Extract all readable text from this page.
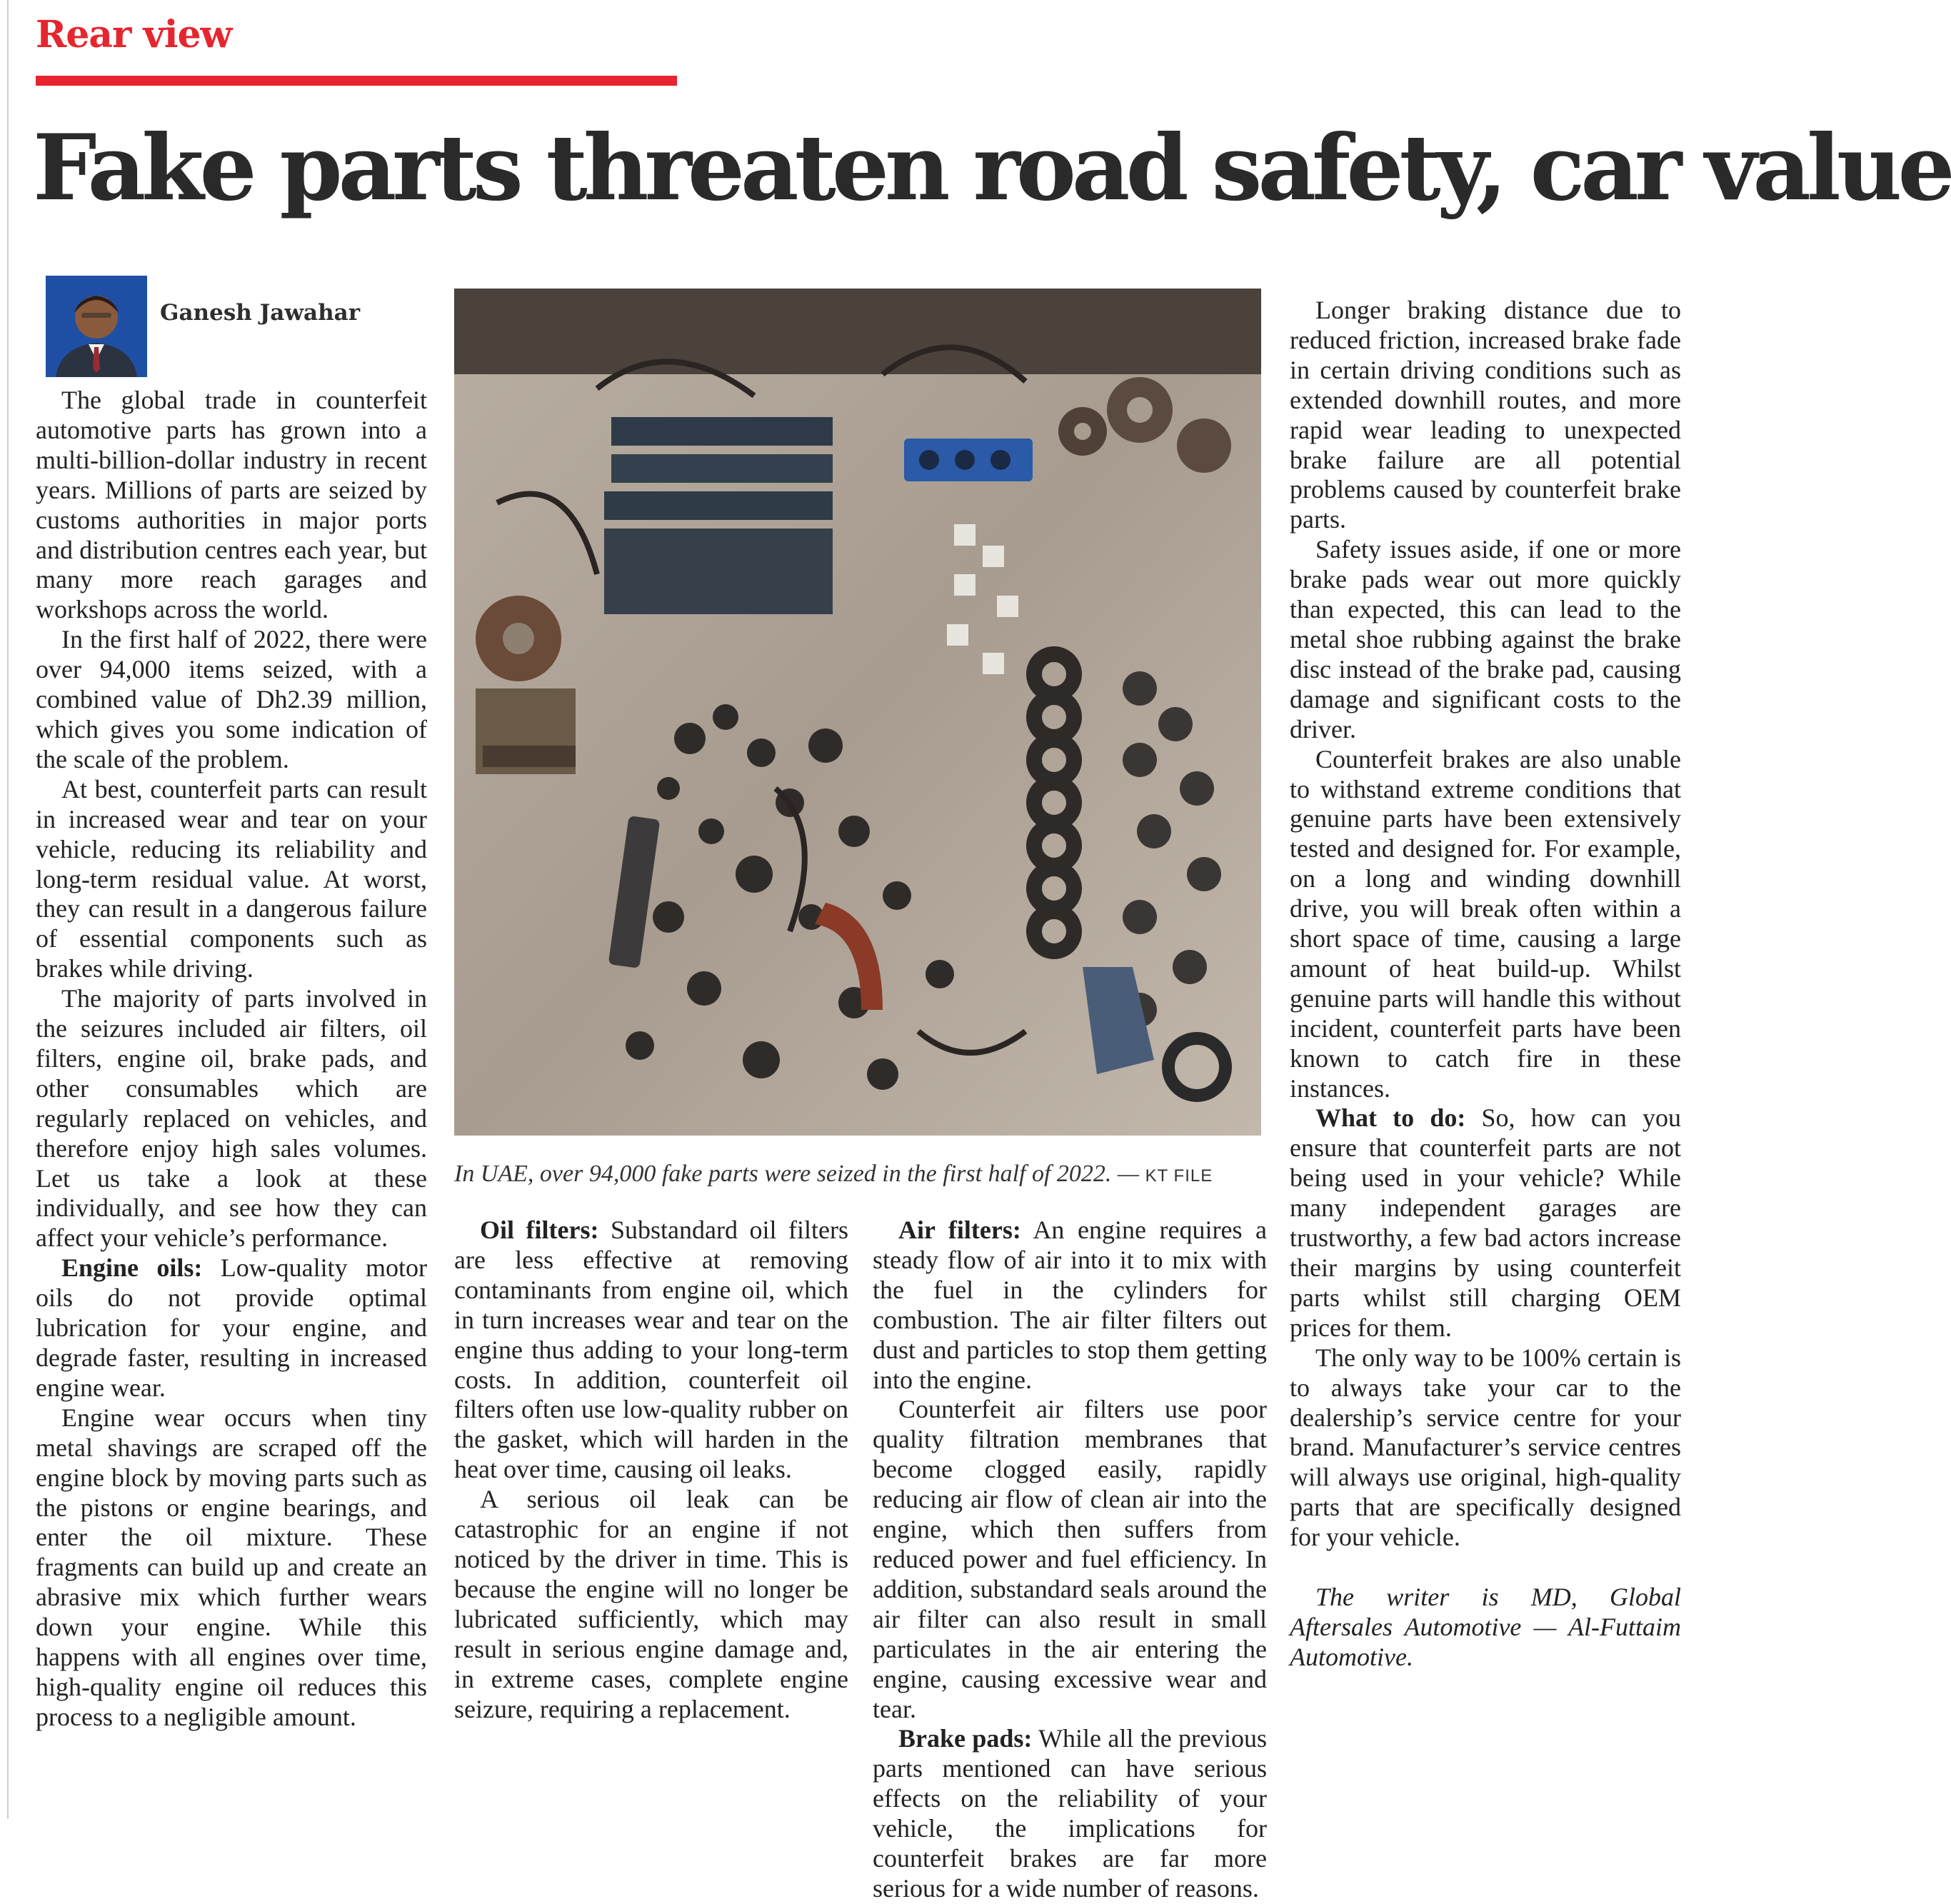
Rear view
Fake parts threaten road safety, car value
Ganesh Jawahar
In UAE, over 94,000 fake parts were seized in the first half of 2022. — KT FILE

The global trade in counterfeit automotive parts has grown into a multi-billion-dollar industry in recent years. Millions of parts are seized by customs authorities in major ports and distribution centres each year, but many more reach garages and workshops across the world.

In the first half of 2022, there were over 94,000 items seized, with a combined value of Dh2.39 million, which gives you some indication of the scale of the problem.

At best, counterfeit parts can result in increased wear and tear on your vehicle, reducing its reliability and long-term residual value. At worst, they can result in a dangerous failure of essential components such as brakes while driving.

The majority of parts involved in the seizures included air filters, oil filters, engine oil, brake pads, and other consumables which are regularly replaced on vehicles, and therefore enjoy high sales volumes. Let us take a look at these individually, and see how they can affect your vehicle’s performance.

Engine oils: Low-quality motor oils do not provide optimal lubrication for your engine, and degrade faster, resulting in increased engine wear.

Engine wear occurs when tiny metal shavings are scraped off the engine block by moving parts such as the pistons or engine bearings, and enter the oil mixture. These fragments can build up and create an abrasive mix which further wears down your engine. While this happens with all engines over time, high-quality engine oil reduces this process to a negligible amount.

Oil filters: Substandard oil filters are less effective at removing contaminants from engine oil, which in turn increases wear and tear on the engine thus adding to your long-term costs. In addition, counterfeit oil filters often use low-quality rubber on the gasket, which will harden in the heat over time, causing oil leaks.

A serious oil leak can be catastrophic for an engine if not noticed by the driver in time. This is because the engine will no longer be lubricated sufficiently, which may result in serious engine damage and, in extreme cases, complete engine seizure, requiring a replacement.

Air filters: An engine requires a steady flow of air into it to mix with the fuel in the cylinders for combustion. The air filter filters out dust and particles to stop them getting into the engine.

Counterfeit air filters use poor quality filtration membranes that become clogged easily, rapidly reducing air flow of clean air into the engine, which then suffers from reduced power and fuel efficiency. In addition, substandard seals around the air filter can also result in small particulates in the air entering the engine, causing excessive wear and tear.

Brake pads: While all the previous parts mentioned can have serious effects on the reliability of your vehicle, the implications for counterfeit brakes are far more serious for a wide number of reasons.

Longer braking distance due to reduced friction, increased brake fade in certain driving conditions such as extended downhill routes, and more rapid wear leading to unexpected brake failure are all potential problems caused by counterfeit brake parts.

Safety issues aside, if one or more brake pads wear out more quickly than expected, this can lead to the metal shoe rubbing against the brake disc instead of the brake pad, causing damage and significant costs to the driver.

Counterfeit brakes are also unable to withstand extreme conditions that genuine parts have been extensively tested and designed for. For example, on a long and winding downhill drive, you will break often within a short space of time, causing a large amount of heat build-up. Whilst genuine parts will handle this without incident, counterfeit parts have been known to catch fire in these instances.

What to do: So, how can you ensure that counterfeit parts are not being used in your vehicle? While many independent garages are trustworthy, a few bad actors increase their margins by using counterfeit parts whilst still charging OEM prices for them.

The only way to be 100% certain is to always take your car to the dealership’s service centre for your brand. Manufacturer’s service centres will always use original, high-quality parts that are specifically designed for your vehicle.

The writer is MD, Global Aftersales Automotive — Al-Futtaim Automotive.
